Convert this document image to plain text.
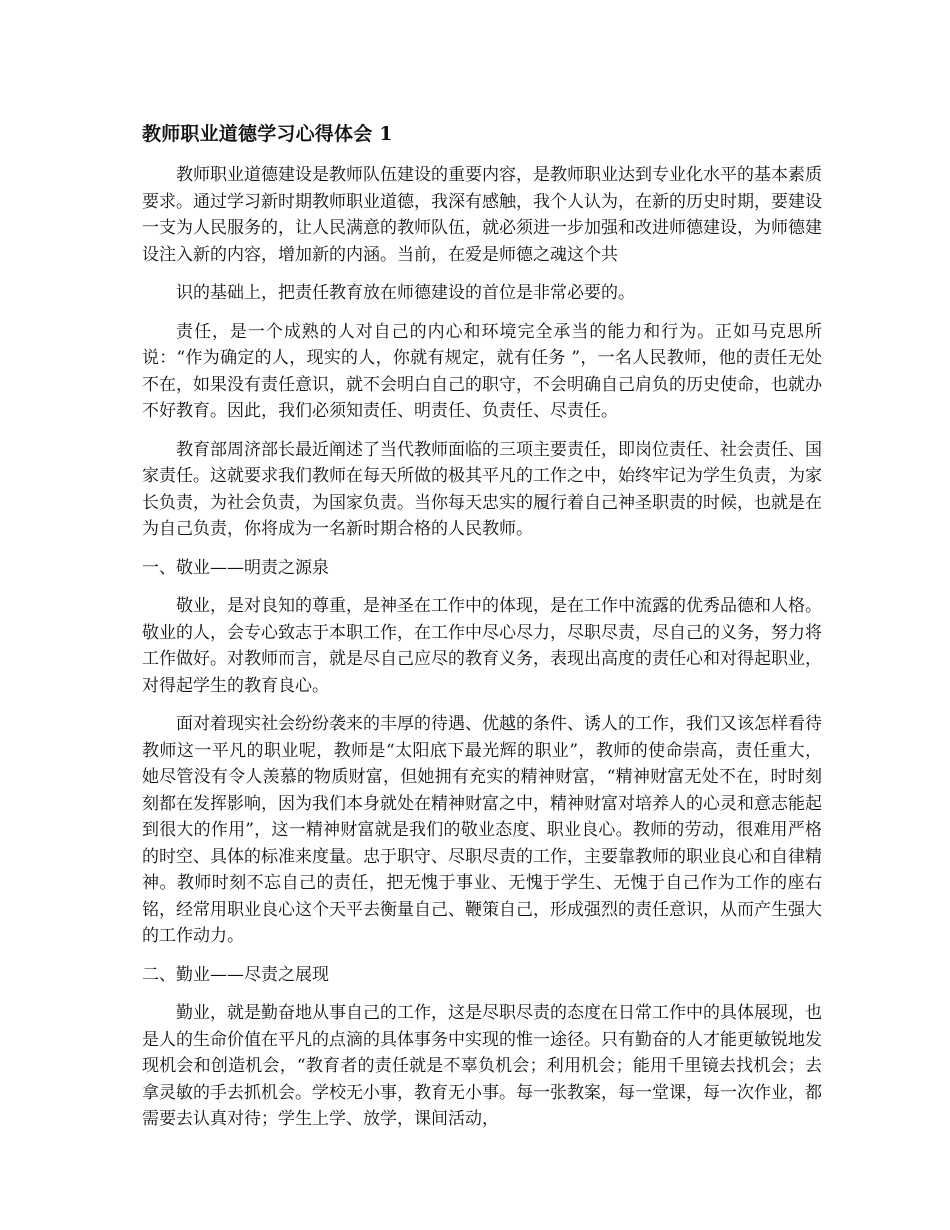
教师职业道德学习心得体会 1

教师职业道德建设是教师队伍建设的重要内容，是教师职业达到专业化水平的基本素质要求。通过学习新时期教师职业道德，我深有感触，我个人认为，在新的历史时期，要建设一支为人民服务的，让人民满意的教师队伍，就必须进一步加强和改进师德建设，为师德建设注入新的内容，增加新的内涵。当前，在爱是师德之魂这个共

识的基础上，把责任教育放在师德建设的首位是非常必要的。

责任，是一个成熟的人对自己的内心和环境完全承当的能力和行为。正如马克思所说：“作为确定的人，现实的人，你就有规定，就有任务 ”，一名人民教师，他的责任无处不在，如果没有责任意识，就不会明白自己的职守，不会明确自己肩负的历史使命，也就办不好教育。因此，我们必须知责任、明责任、负责任、尽责任。

教育部周济部长最近阐述了当代教师面临的三项主要责任，即岗位责任、社会责任、国家责任。这就要求我们教师在每天所做的极其平凡的工作之中，始终牢记为学生负责，为家长负责，为社会负责，为国家负责。当你每天忠实的履行着自己神圣职责的时候，也就是在为自己负责，你将成为一名新时期合格的人民教师。

一、敬业——明责之源泉

敬业，是对良知的尊重，是神圣在工作中的体现，是在工作中流露的优秀品德和人格。敬业的人，会专心致志于本职工作，在工作中尽心尽力，尽职尽责，尽自己的义务，努力将工作做好。对教师而言，就是尽自己应尽的教育义务，表现出高度的责任心和对得起职业，对得起学生的教育良心。

面对着现实社会纷纷袭来的丰厚的待遇、优越的条件、诱人的工作，我们又该怎样看待教师这一平凡的职业呢，教师是“太阳底下最光辉的职业”，教师的使命崇高，责任重大，她尽管没有令人羡慕的物质财富，但她拥有充实的精神财富，“精神财富无处不在，时时刻刻都在发挥影响，因为我们本身就处在精神财富之中，精神财富对培养人的心灵和意志能起到很大的作用”，这一精神财富就是我们的敬业态度、职业良心。教师的劳动，很难用严格的时空、具体的标准来度量。忠于职守、尽职尽责的工作，主要靠教师的职业良心和自律精神。教师时刻不忘自己的责任，把无愧于事业、无愧于学生、无愧于自己作为工作的座右铭，经常用职业良心这个天平去衡量自己、鞭策自己，形成强烈的责任意识，从而产生强大的工作动力。

二、勤业——尽责之展现

勤业，就是勤奋地从事自己的工作，这是尽职尽责的态度在日常工作中的具体展现，也是人的生命价值在平凡的点滴的具体事务中实现的惟一途径。只有勤奋的人才能更敏锐地发现机会和创造机会，“教育者的责任就是不辜负机会；利用机会；能用千里镜去找机会；去拿灵敏的手去抓机会。学校无小事，教育无小事。每一张教案，每一堂课，每一次作业，都需要去认真对待；学生上学、放学，课间活动，
